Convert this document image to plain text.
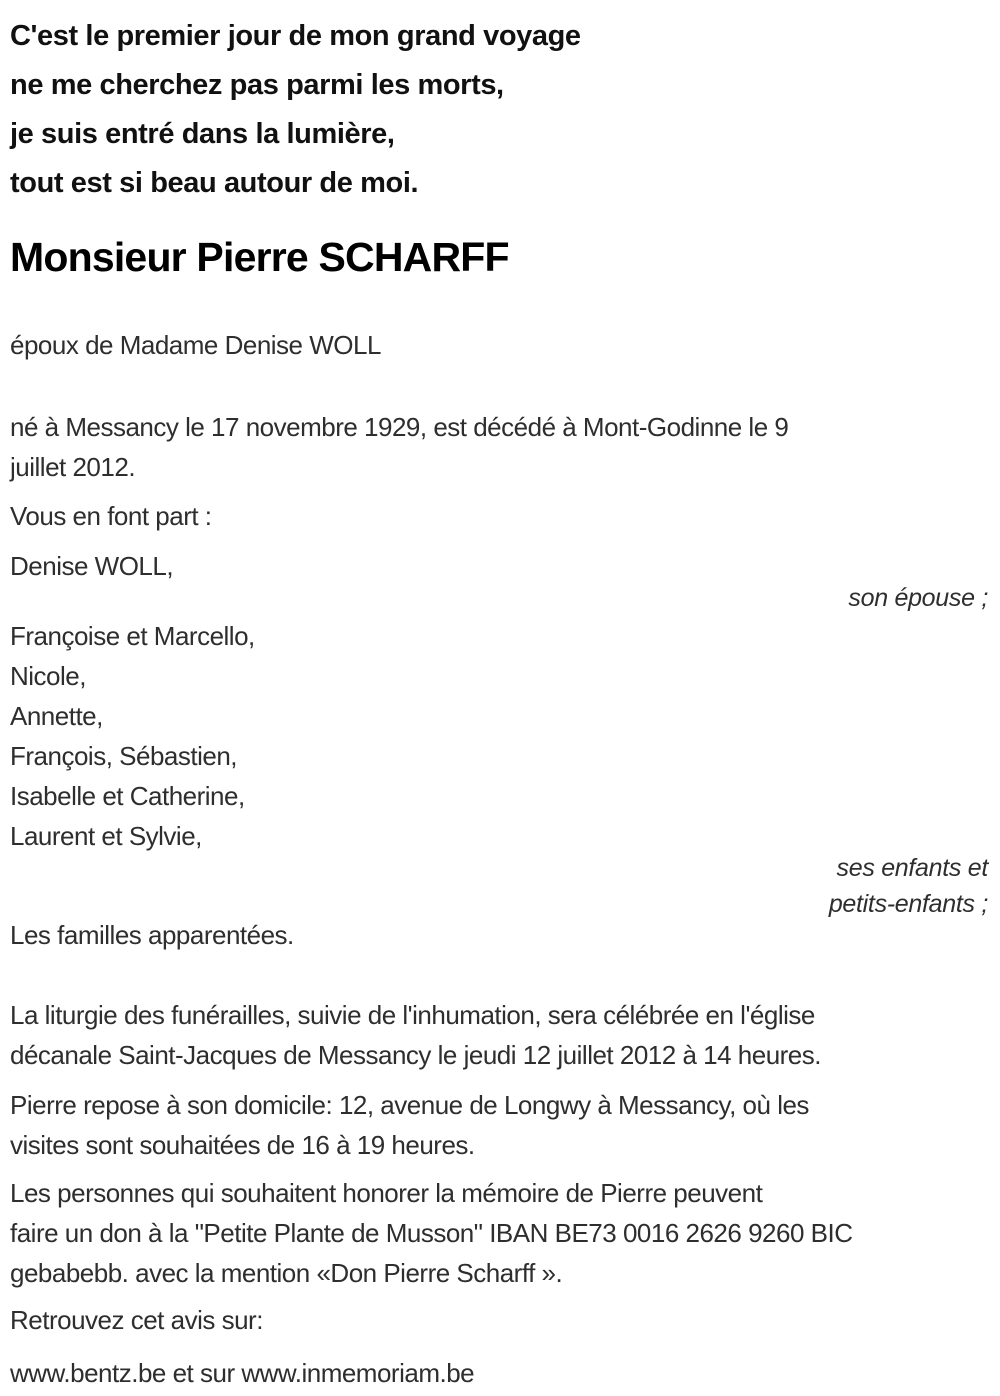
C'est le premier jour de mon grand voyage
ne me cherchez pas parmi les morts,
je suis entré dans la lumière,
tout est si beau autour de moi.
Monsieur Pierre SCHARFF
époux de Madame Denise WOLL
né à Messancy le 17 novembre 1929, est décédé à Mont-Godinne le 9
juillet 2012.
Vous en font part :
Denise WOLL,
son épouse ;
Françoise et Marcello,
Nicole,
Annette,
François, Sébastien,
Isabelle et Catherine,
Laurent et Sylvie,
ses enfants et
petits-enfants ;
Les familles apparentées.
La liturgie des funérailles, suivie de l'inhumation, sera célébrée en l'église
décanale Saint-Jacques de Messancy le jeudi 12 juillet 2012 à 14 heures.
Pierre repose à son domicile: 12, avenue de Longwy à Messancy, où les
visites sont souhaitées de 16 à 19 heures.
Les personnes qui souhaitent honorer la mémoire de Pierre peuvent
faire un don à la "Petite Plante de Musson" IBAN BE73 0016 2626 9260 BIC
gebabebb. avec la mention «Don Pierre Scharff ».
Retrouvez cet avis sur:
www.bentz.be et sur www.inmemoriam.be
